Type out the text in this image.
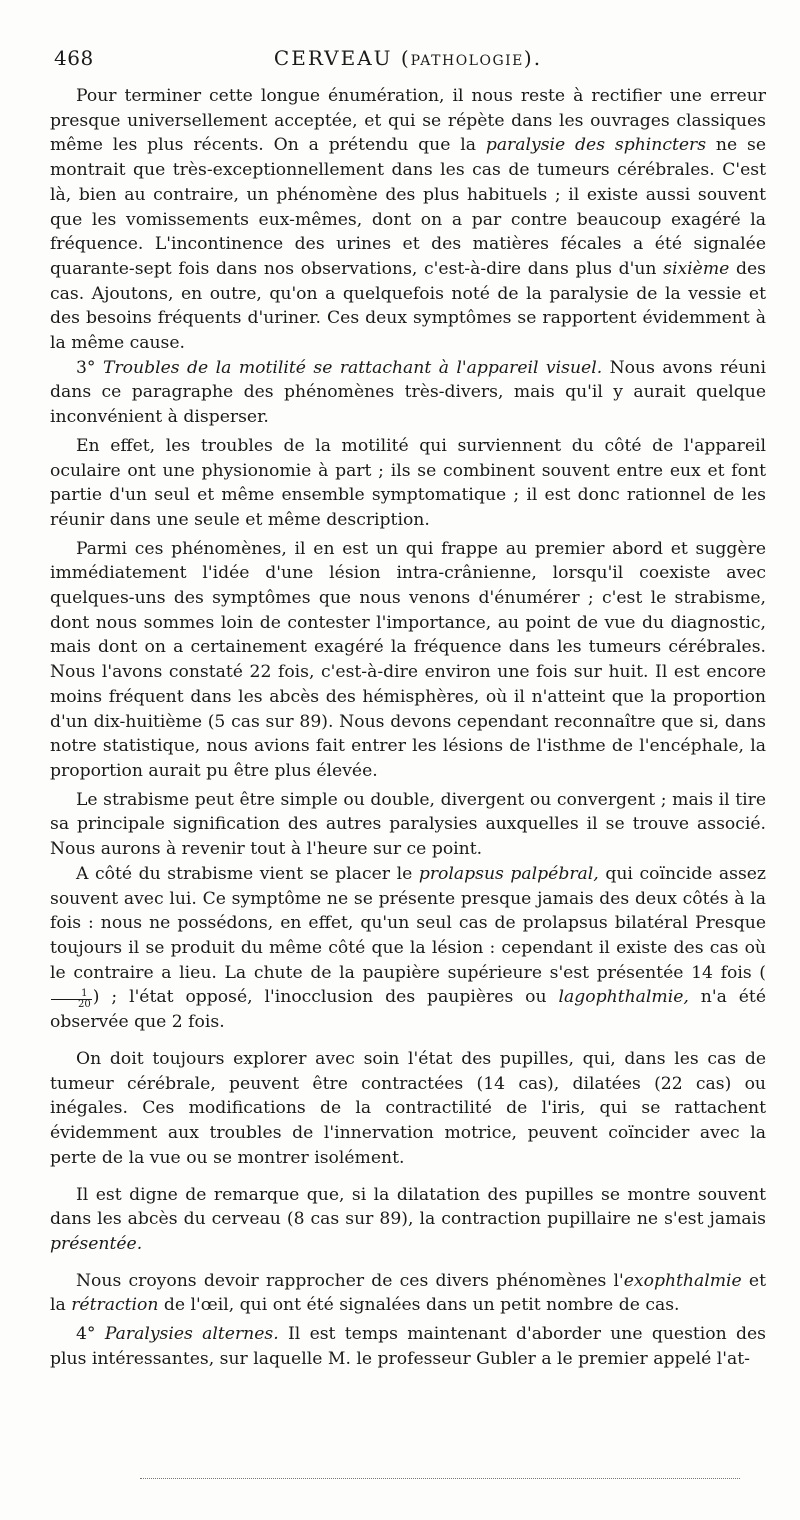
468	CERVEAU (PATHOLOGIE).

Pour terminer cette longue énumération, il nous reste à rectifier une erreur presque universellement acceptée, et qui se répète dans les ouvrages classiques même les plus récents. On a prétendu que la paralysie des sphincters ne se montrait que très-exceptionnellement dans les cas de tumeurs cérébrales. C'est là, bien au contraire, un phénomène des plus habituels ; il existe aussi souvent que les vomissements eux-mêmes, dont on a par contre beaucoup exagéré la fréquence. L'incontinence des urines et des matières fécales a été signalée quarante-sept fois dans nos observations, c'est-à-dire dans plus d'un sixième des cas. Ajoutons, en outre, qu'on a quelquefois noté de la paralysie de la vessie et des besoins fréquents d'uriner. Ces deux symptômes se rapportent évidemment à la même cause.

3° Troubles de la motilité se rattachant à l'appareil visuel. Nous avons réuni dans ce paragraphe des phénomènes très-divers, mais qu'il y aurait quelque inconvénient à disperser.

En effet, les troubles de la motilité qui surviennent du côté de l'appareil oculaire ont une physionomie à part ; ils se combinent souvent entre eux et font partie d'un seul et même ensemble symptomatique ; il est donc rationnel de les réunir dans une seule et même description.

Parmi ces phénomènes, il en est un qui frappe au premier abord et suggère immédiatement l'idée d'une lésion intra-crânienne, lorsqu'il coexiste avec quelques-uns des symptômes que nous venons d'énumérer ; c'est le strabisme, dont nous sommes loin de contester l'importance, au point de vue du diagnostic, mais dont on a certainement exagéré la fréquence dans les tumeurs cérébrales. Nous l'avons constaté 22 fois, c'est-à-dire environ une fois sur huit. Il est encore moins fréquent dans les abcès des hémisphères, où il n'atteint que la proportion d'un dix-huitième (5 cas sur 89). Nous devons cependant reconnaître que si, dans notre statistique, nous avions fait entrer les lésions de l'isthme de l'encéphale, la proportion aurait pu être plus élevée.

Le strabisme peut être simple ou double, divergent ou convergent ; mais il tire sa principale signification des autres paralysies auxquelles il se trouve associé. Nous aurons à revenir tout à l'heure sur ce point.

A côté du strabisme vient se placer le prolapsus palpébral, qui coïncide assez souvent avec lui. Ce symptôme ne se présente presque jamais des deux côtés à la fois : nous ne possédons, en effet, qu'un seul cas de prolapsus bilatéral Presque toujours il se produit du même côté que la lésion : cependant il existe des cas où le contraire a lieu. La chute de la paupière supérieure s'est présentée 14 fois (
$\frac{1}{20}$ ) ; l'état opposé, l'inocclusion des paupières ou lagophthalmie, n'a été observée que 2 fois.

On doit toujours explorer avec soin l'état des pupilles, qui, dans les cas de tumeur cérébrale, peuvent être contractées (14 cas), dilatées (22 cas) ou inégales. Ces modifications de la contractilité de l'iris, qui se rattachent évidemment aux troubles de l'innervation motrice, peuvent coïncider avec la perte de la vue ou se montrer isolément.

Il est digne de remarque que, si la dilatation des pupilles se montre souvent dans les abcès du cerveau (8 cas sur 89), la contraction pupillaire ne s'est jamais présentée.

Nous croyons devoir rapprocher de ces divers phénomènes l'exophthalmie et la rétraction de l'œil, qui ont été signalées dans un petit nombre de cas.

4° Paralysies alternes. Il est temps maintenant d'aborder une question des plus intéressantes, sur laquelle M. le professeur Gubler a le premier appelé l'at-
